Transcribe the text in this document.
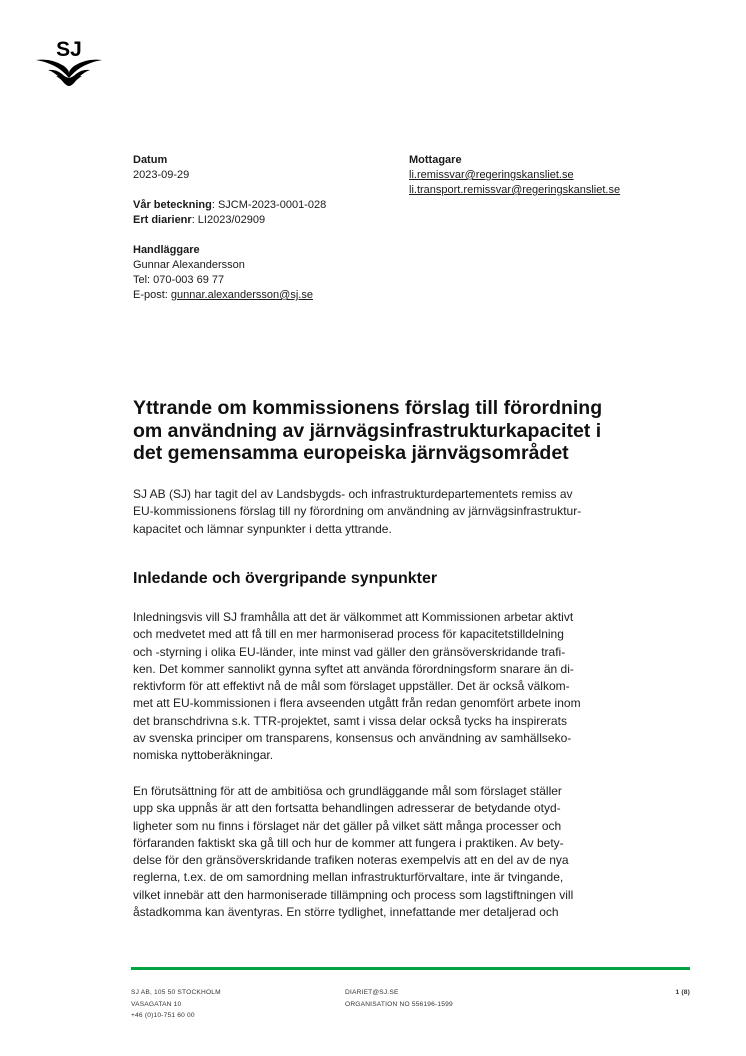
SJ
Datum
2023-09-29
Vår beteckning: SJCM-2023-0001-028
Ert diarienr: LI2023/02909
Handläggare
Gunnar Alexandersson
Tel: 070-003 69 77
E-post: gunnar.alexandersson@sj.se
Mottagare
li.remissvar@regeringskansliet.se
li.transport.remissvar@regeringskansliet.se
Yttrande om kommissionens förslag till förordning
om användning av järnvägsinfrastrukturkapacitet i
det gemensamma europeiska järnvägsområdet

SJ AB (SJ) har tagit del av Landsbygds- och infrastrukturdepartementets remiss av
EU-kommissionens förslag till ny förordning om användning av järnvägsinfrastruktur-
kapacitet och lämnar synpunkter i detta yttrande.

Inledande och övergripande synpunkter

Inledningsvis vill SJ framhålla att det är välkommet att Kommissionen arbetar aktivt
och medvetet med att få till en mer harmoniserad process för kapacitetstilldelning
och -styrning i olika EU-länder, inte minst vad gäller den gränsöverskridande trafi-
ken. Det kommer sannolikt gynna syftet att använda förordningsform snarare än di-
rektivform för att effektivt nå de mål som förslaget uppställer. Det är också välkom-
met att EU-kommissionen i flera avseenden utgått från redan genomfört arbete inom
det branschdrivna s.k. TTR-projektet, samt i vissa delar också tycks ha inspirerats
av svenska principer om transparens, konsensus och användning av samhällseko-
nomiska nyttoberäkningar.

En förutsättning för att de ambitiösa och grundläggande mål som förslaget ställer
upp ska uppnås är att den fortsatta behandlingen adresserar de betydande otyd-
ligheter som nu finns i förslaget när det gäller på vilket sätt många processer och
förfaranden faktiskt ska gå till och hur de kommer att fungera i praktiken. Av bety-
delse för den gränsöverskridande trafiken noteras exempelvis att en del av de nya
reglerna, t.ex. de om samordning mellan infrastrukturförvaltare, inte är tvingande,
vilket innebär att den harmoniserade tillämpning och process som lagstiftningen vill
åstadkomma kan äventyras. En större tydlighet, innefattande mer detaljerad och

SJ AB, 105 50 STOCKHOLM
VASAGATAN 10
+46 (0)10-751 60 00
DIARIET@SJ.SE
ORGANISATION NO 556196-1599
1 (8)
